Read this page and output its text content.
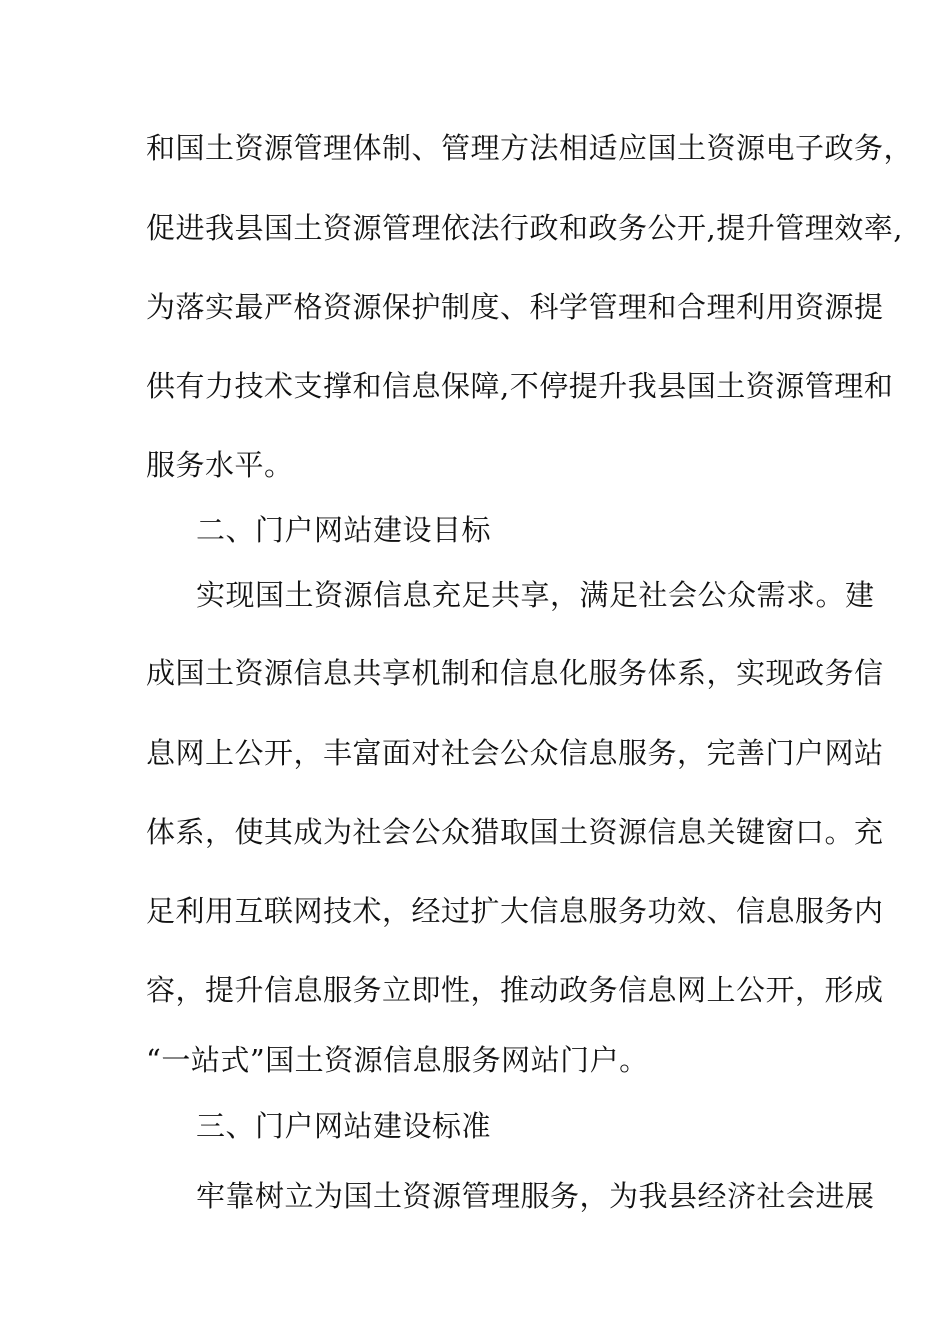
和国土资源管理体制、管理方法相适应国土资源电子政务，
促进我县国土资源管理依法行政和政务公开,提升管理效率,
为落实最严格资源保护制度、科学管理和合理利用资源提
供有力技术支撑和信息保障,不停提升我县国土资源管理和
服务水平。
二、门户网站建设目标
实现国土资源信息充足共享，满足社会公众需求。建
成国土资源信息共享机制和信息化服务体系，实现政务信
息网上公开，丰富面对社会公众信息服务，完善门户网站
体系，使其成为社会公众猎取国土资源信息关键窗口。充
足利用互联网技术，经过扩大信息服务功效、信息服务内
容，提升信息服务立即性，推动政务信息网上公开，形成
“一站式”国土资源信息服务网站门户。
三、门户网站建设标准
牢靠树立为国土资源管理服务，为我县经济社会进展
